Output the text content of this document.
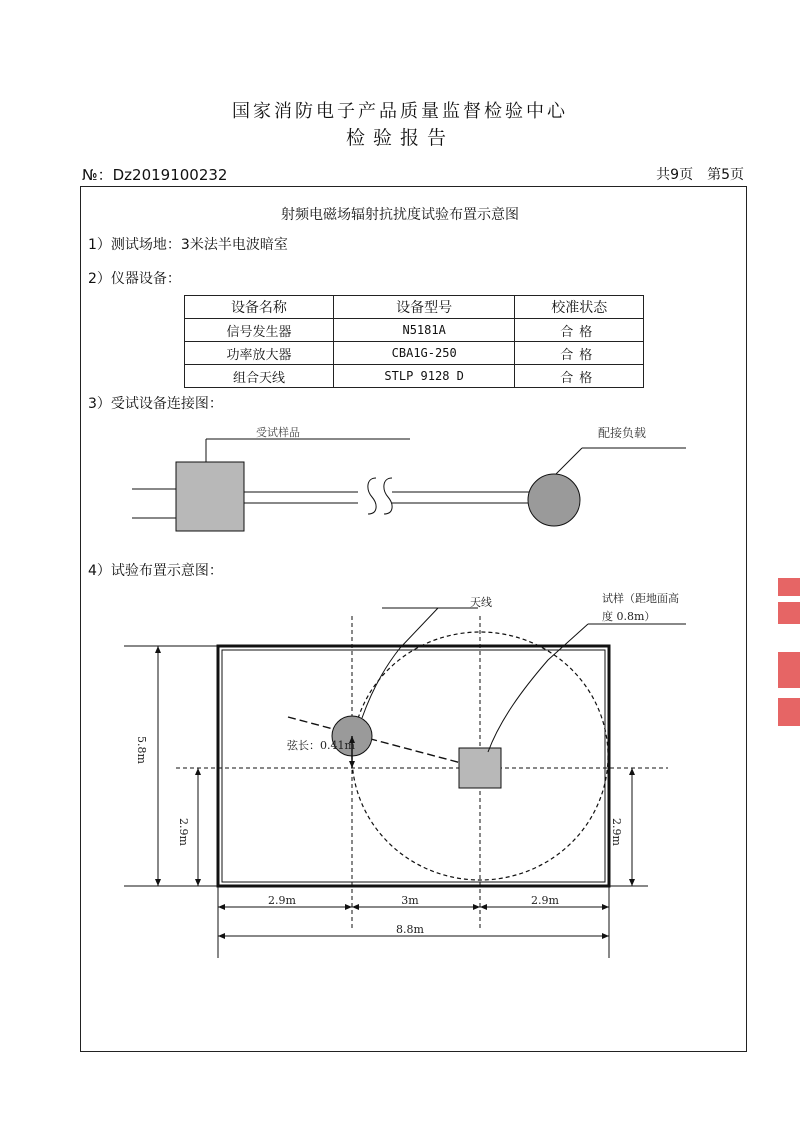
国家消防电子产品质量监督检验中心
检验报告
№：Dz2019100232	共9页　第5页
射频电磁场辐射抗扰度试验布置示意图
1）测试场地：3米法半电波暗室
2）仪器设备：
设备名称	设备型号	校准状态
信号发生器	N5181A	合格
功率放大器	CBA1G-250	合格
组合天线	STLP 9128 D	合格
3）受试设备连接图：
4）试验布置示意图：
受试样品	配接负载
天线	试样（距地面高
度 0.8m）
弦长：0.41m
5.8m
2.9m	2.9m
2.9m	3m	2.9m
8.8m
